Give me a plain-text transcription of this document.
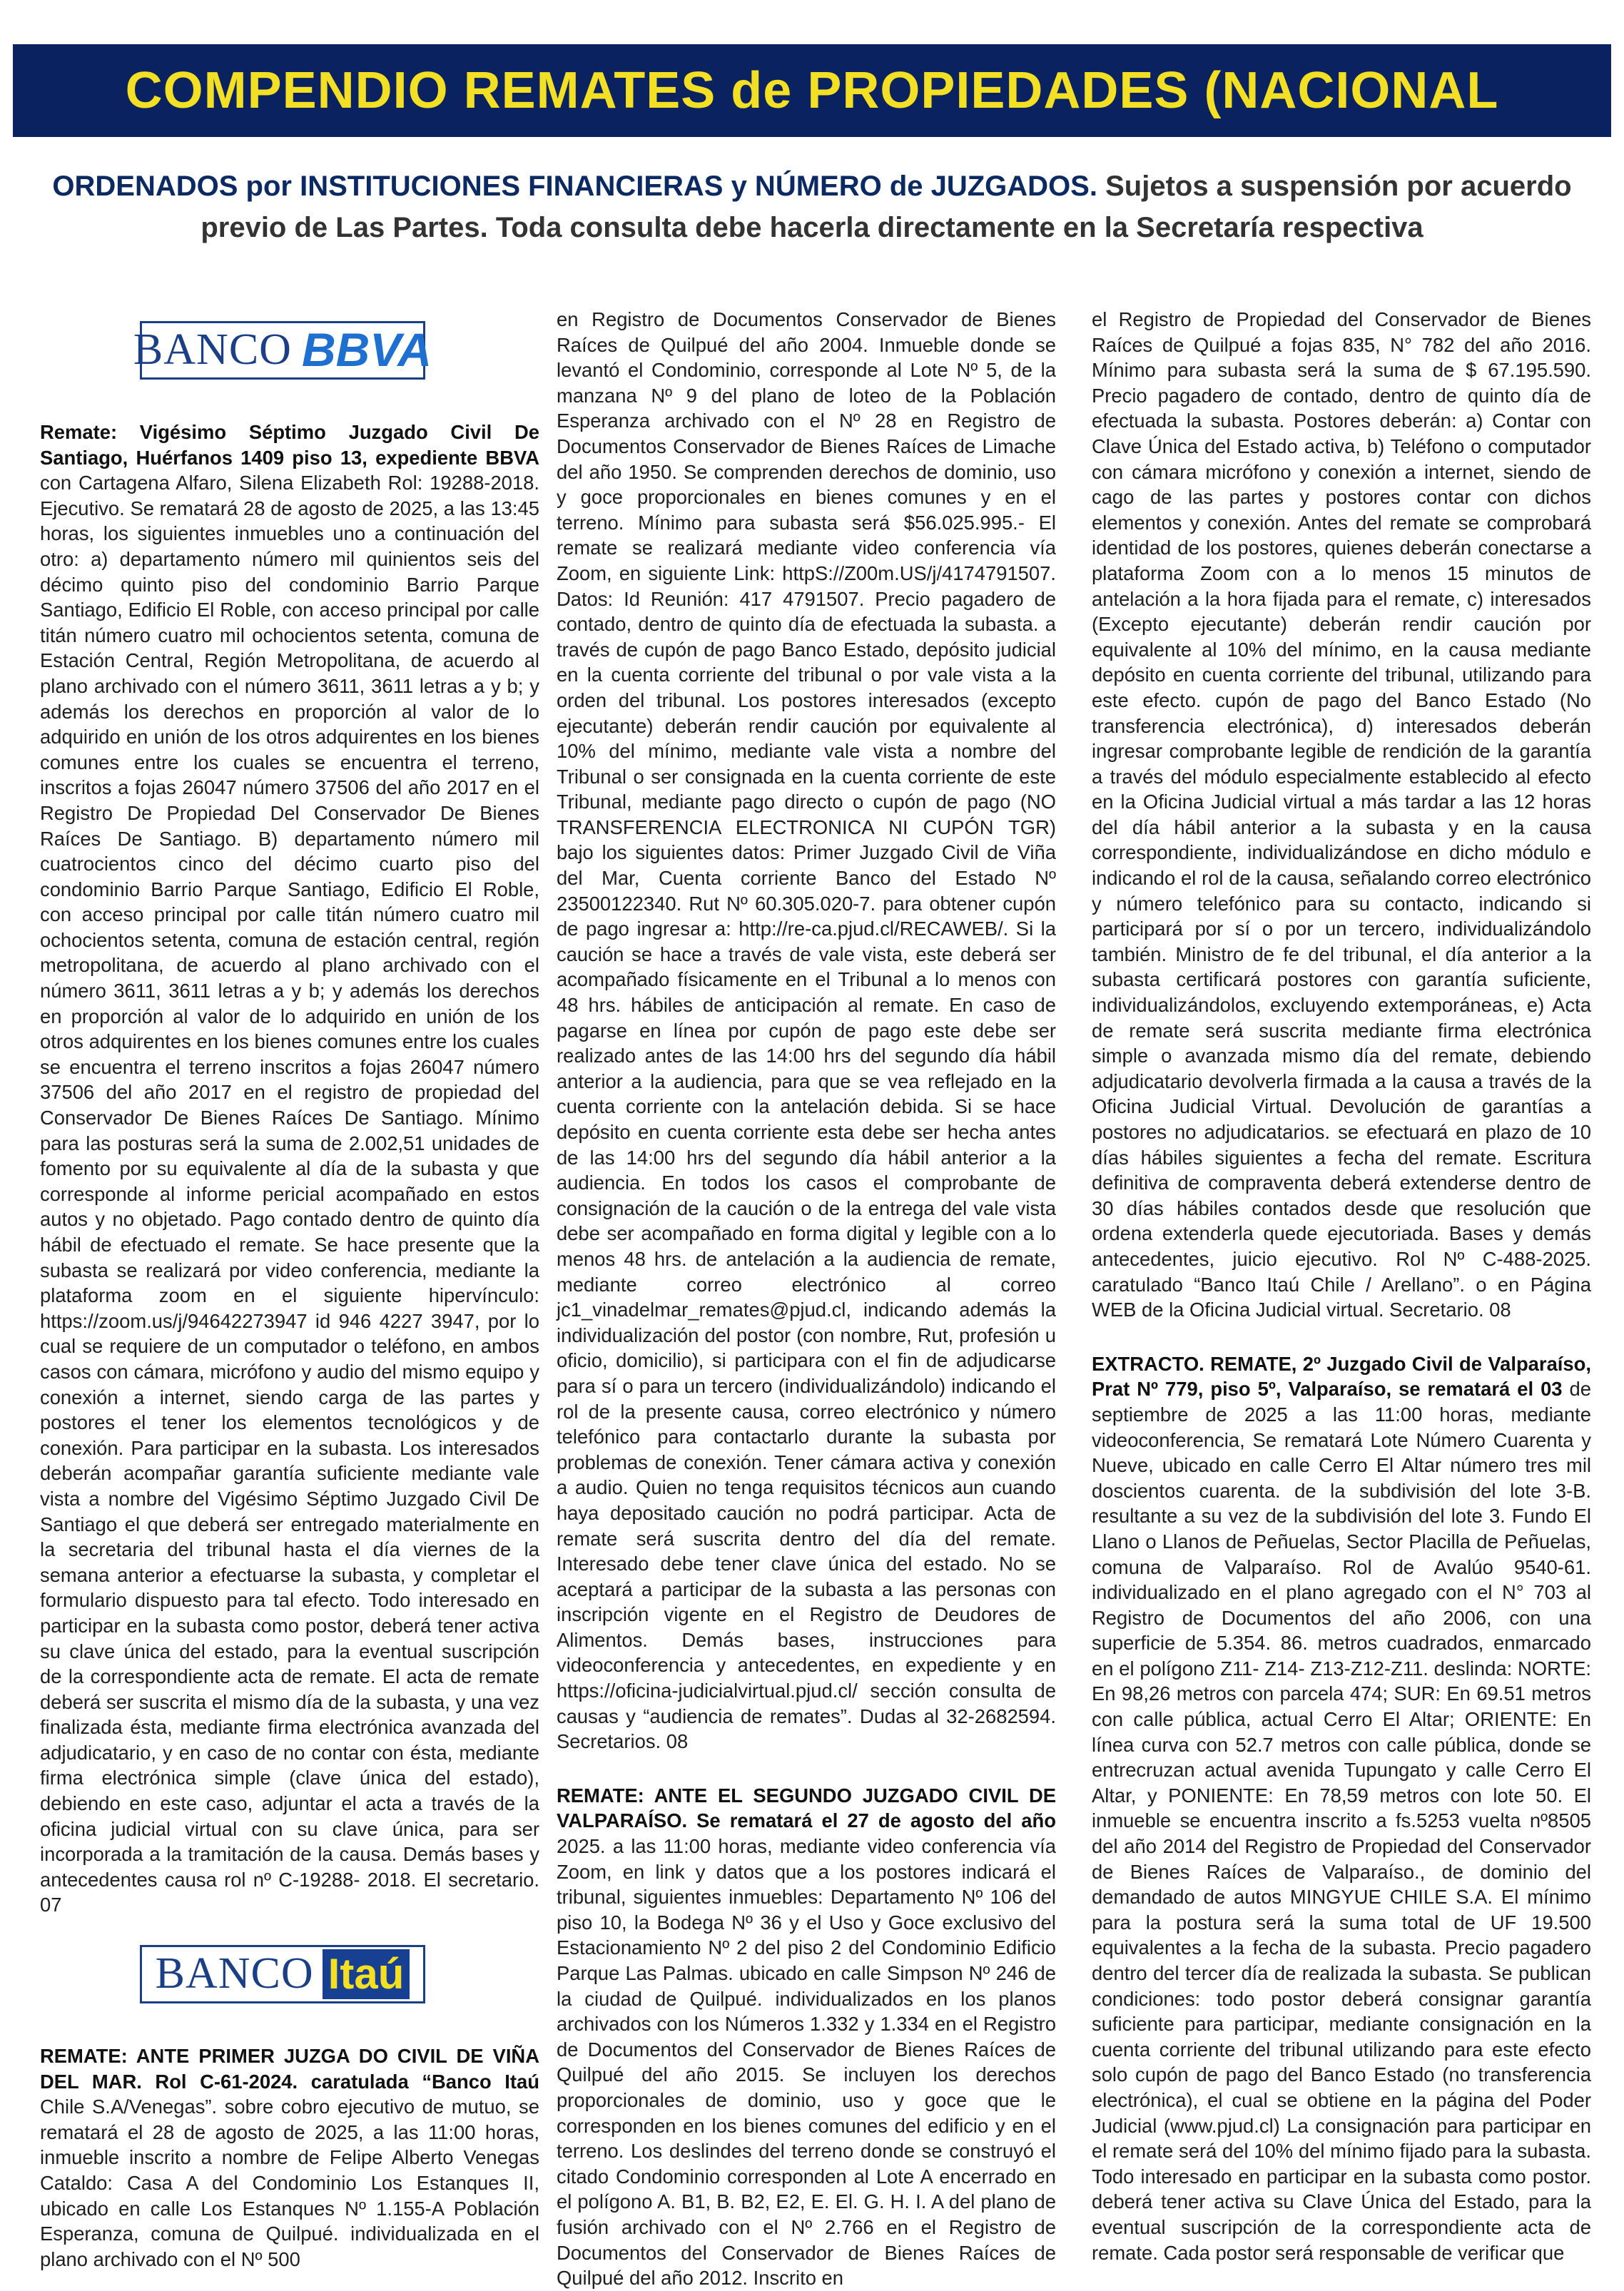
COMPENDIO REMATES de PROPIEDADES (NACIONAL
ORDENADOS por INSTITUCIONES FINANCIERAS y NÚMERO de JUZGADOS. Sujetos a suspensión por acuerdo previo de Las Partes. Toda consulta debe hacerla directamente en la Secretaría respectiva
BANCO BBVA

Remate: Vigésimo Séptimo Juzgado Civil De Santiago, Huérfanos 1409 piso 13, expediente BBVA con Cartagena Alfaro, Silena Elizabeth Rol: 19288-2018. Ejecutivo. Se rematará 28 de agosto de 2025, a las 13:45 horas, los siguientes inmuebles uno a continuación del otro: a) departamento número mil quinientos seis del décimo quinto piso del condominio Barrio Parque Santiago, Edificio El Roble, con acceso principal por calle titán número cuatro mil ochocientos setenta, comuna de Estación Central, Región Metropolitana, de acuerdo al plano archivado con el número 3611, 3611 letras a y b; y además los derechos en proporción al valor de lo adquirido en unión de los otros adquirentes en los bienes comunes entre los cuales se encuentra el terreno, inscritos a fojas 26047 número 37506 del año 2017 en el Registro De Propiedad Del Conservador De Bienes Raíces De Santiago. B) departamento número mil cuatrocientos cinco del décimo cuarto piso del condominio Barrio Parque Santiago, Edificio El Roble, con acceso principal por calle titán número cuatro mil ochocientos setenta, comuna de estación central, región metropolitana, de acuerdo al plano archivado con el número 3611, 3611 letras a y b; y además los derechos en proporción al valor de lo adquirido en unión de los otros adquirentes en los bienes comunes entre los cuales se encuentra el terreno inscritos a fojas 26047 número 37506 del año 2017 en el registro de propiedad del Conservador De Bienes Raíces De Santiago. Mínimo para las posturas será la suma de 2.002,51 unidades de fomento por su equivalente al día de la subasta y que corresponde al informe pericial acompañado en estos autos y no objetado. Pago contado dentro de quinto día hábil de efectuado el remate. Se hace presente que la subasta se realizará por video conferencia, mediante la plataforma zoom en el siguiente hipervínculo: https://zoom.us/j/94642273947 id 946 4227 3947, por lo cual se requiere de un computador o teléfono, en ambos casos con cámara, micrófono y audio del mismo equipo y conexión a internet, siendo carga de las partes y postores el tener los elementos tecnológicos y de conexión. Para participar en la subasta. Los interesados deberán acompañar garantía suficiente mediante vale vista a nombre del Vigésimo Séptimo Juzgado Civil De Santiago el que deberá ser entregado materialmente en la secretaria del tribunal hasta el día viernes de la semana anterior a efectuarse la subasta, y completar el formulario dispuesto para tal efecto. Todo interesado en participar en la subasta como postor, deberá tener activa su clave única del estado, para la eventual suscripción de la correspondiente acta de remate. El acta de remate deberá ser suscrita el mismo día de la subasta, y una vez finalizada ésta, mediante firma electrónica avanzada del adjudicatario, y en caso de no contar con ésta, mediante firma electrónica simple (clave única del estado), debiendo en este caso, adjuntar el acta a través de la oficina judicial virtual con su clave única, para ser incorporada a la tramitación de la causa. Demás bases y antecedentes causa rol nº C-19288- 2018. El secretario. 07

BANCO Itaú

REMATE: ANTE PRIMER JUZGA DO CIVIL DE VIÑA DEL MAR. Rol C-61-2024. caratulada “Banco Itaú Chile S.A/Venegas”. sobre cobro ejecutivo de mutuo, se rematará el 28 de agosto de 2025, a las 11:00 horas, inmueble inscrito a nombre de Felipe Alberto Venegas Cataldo: Casa A del Condominio Los Estanques II, ubicado en calle Los Estanques Nº 1.155-A Población Esperanza, comuna de Quilpué. individualizada en el plano archivado con el Nº 500

en Registro de Documentos Conservador de Bienes Raíces de Quilpué del año 2004. Inmueble donde se levantó el Condominio, corresponde al Lote Nº 5, de la manzana Nº 9 del plano de loteo de la Población Esperanza archivado con el Nº 28 en Registro de Documentos Conservador de Bienes Raíces de Limache del año 1950. Se comprenden derechos de dominio, uso y goce proporcionales en bienes comunes y en el terreno. Mínimo para subasta será $56.025.995.- El remate se realizará mediante video conferencia vía Zoom, en siguiente Link: httpS://Z00m.US/j/4174791507. Datos: Id Reunión: 417 4791507. Precio pagadero de contado, dentro de quinto día de efectuada la subasta. a través de cupón de pago Banco Estado, depósito judicial en la cuenta corriente del tribunal o por vale vista a la orden del tribunal. Los postores interesados (excepto ejecutante) deberán rendir caución por equivalente al 10% del mínimo, mediante vale vista a nombre del Tribunal o ser consignada en la cuenta corriente de este Tribunal, mediante pago directo o cupón de pago (NO TRANSFERENCIA ELECTRONICA NI CUPÓN TGR) bajo los siguientes datos: Primer Juzgado Civil de Viña del Mar, Cuenta corriente Banco del Estado Nº 23500122340. Rut Nº 60.305.020-7. para obtener cupón de pago ingresar a: http://re-ca.pjud.cl/RECAWEB/. Si la caución se hace a través de vale vista, este deberá ser acompañado físicamente en el Tribunal a lo menos con 48 hrs. hábiles de anticipación al remate. En caso de pagarse en línea por cupón de pago este debe ser realizado antes de las 14:00 hrs del segundo día hábil anterior a la audiencia, para que se vea reflejado en la cuenta corriente con la antelación debida. Si se hace depósito en cuenta corriente esta debe ser hecha antes de las 14:00 hrs del segundo día hábil anterior a la audiencia. En todos los casos el comprobante de consignación de la caución o de la entrega del vale vista debe ser acompañado en forma digital y legible con a lo menos 48 hrs. de antelación a la audiencia de remate, mediante correo electrónico al correo jc1_vinadelmar_remates@pjud.cl, indicando además la individualización del postor (con nombre, Rut, profesión u oficio, domicilio), si participara con el fin de adjudicarse para sí o para un tercero (individualizándolo) indicando el rol de la presente causa, correo electrónico y número telefónico para contactarlo durante la subasta por problemas de conexión. Tener cámara activa y conexión a audio. Quien no tenga requisitos técnicos aun cuando haya depositado caución no podrá participar. Acta de remate será suscrita dentro del día del remate. Interesado debe tener clave única del estado. No se aceptará a participar de la subasta a las personas con inscripción vigente en el Registro de Deudores de Alimentos. Demás bases, instrucciones para videoconferencia y antecedentes, en expediente y en https://oficina-judicialvirtual.pjud.cl/ sección consulta de causas y “audiencia de remates”. Dudas al 32-2682594. Secretarios. 08

REMATE: ANTE EL SEGUNDO JUZGADO CIVIL DE VALPARAÍSO. Se rematará el 27 de agosto del año 2025. a las 11:00 horas, mediante video conferencia vía Zoom, en link y datos que a los postores indicará el tribunal, siguientes inmuebles: Departamento Nº 106 del piso 10, la Bodega Nº 36 y el Uso y Goce exclusivo del Estacionamiento Nº 2 del piso 2 del Condominio Edificio Parque Las Palmas. ubicado en calle Simpson Nº 246 de la ciudad de Quilpué. individualizados en los planos archivados con los Números 1.332 y 1.334 en el Registro de Documentos del Conservador de Bienes Raíces de Quilpué del año 2015. Se incluyen los derechos proporcionales de dominio, uso y goce que le corresponden en los bienes comunes del edificio y en el terreno. Los deslindes del terreno donde se construyó el citado Condominio corresponden al Lote A encerrado en el polígono A. B1, B. B2, E2, E. El. G. H. I. A del plano de fusión archivado con el Nº 2.766 en el Registro de Documentos del Conservador de Bienes Raíces de Quilpué del año 2012. Inscrito en

el Registro de Propiedad del Conservador de Bienes Raíces de Quilpué a fojas 835, N° 782 del año 2016. Mínimo para subasta será la suma de $ 67.195.590. Precio pagadero de contado, dentro de quinto día de efectuada la subasta. Postores deberán: a) Contar con Clave Única del Estado activa, b) Teléfono o computador con cámara micrófono y conexión a internet, siendo de cago de las partes y postores contar con dichos elementos y conexión. Antes del remate se comprobará identidad de los postores, quienes deberán conectarse a plataforma Zoom con a lo menos 15 minutos de antelación a la hora fijada para el remate, c) interesados (Excepto ejecutante) deberán rendir caución por equivalente al 10% del mínimo, en la causa mediante depósito en cuenta corriente del tribunal, utilizando para este efecto. cupón de pago del Banco Estado (No transferencia electrónica), d) interesados deberán ingresar comprobante legible de rendición de la garantía a través del módulo especialmente establecido al efecto en la Oficina Judicial virtual a más tardar a las 12 horas del día hábil anterior a la subasta y en la causa correspondiente, individualizándose en dicho módulo e indicando el rol de la causa, señalando correo electrónico y número telefónico para su contacto, indicando si participará por sí o por un tercero, individualizándolo también. Ministro de fe del tribunal, el día anterior a la subasta certificará postores con garantía suficiente, individualizándolos, excluyendo extemporáneas, e) Acta de remate será suscrita mediante firma electrónica simple o avanzada mismo día del remate, debiendo adjudicatario devolverla firmada a la causa a través de la Oficina Judicial Virtual. Devolución de garantías a postores no adjudicatarios. se efectuará en plazo de 10 días hábiles siguientes a fecha del remate. Escritura definitiva de compraventa deberá extenderse dentro de 30 días hábiles contados desde que resolución que ordena extenderla quede ejecutoriada. Bases y demás antecedentes, juicio ejecutivo. Rol Nº C-488-2025. caratulado “Banco Itaú Chile / Arellano”. o en Página WEB de la Oficina Judicial virtual. Secretario. 08

EXTRACTO. REMATE, 2º Juzgado Civil de Valparaíso, Prat Nº 779, piso 5º, Valparaíso, se rematará el 03 de septiembre de 2025 a las 11:00 horas, mediante videoconferencia, Se rematará Lote Número Cuarenta y Nueve, ubicado en calle Cerro El Altar número tres mil doscientos cuarenta. de la subdivisión del lote 3-B. resultante a su vez de la subdivisión del lote 3. Fundo El Llano o Llanos de Peñuelas, Sector Placilla de Peñuelas, comuna de Valparaíso. Rol de Avalúo 9540-61. individualizado en el plano agregado con el N° 703 al Registro de Documentos del año 2006, con una superficie de 5.354. 86. metros cuadrados, enmarcado en el polígono Z11- Z14- Z13-Z12-Z11. deslinda: NORTE: En 98,26 metros con parcela 474; SUR: En 69.51 metros con calle pública, actual Cerro El Altar; ORIENTE: En línea curva con 52.7 metros con calle pública, donde se entrecruzan actual avenida Tupungato y calle Cerro El Altar, y PONIENTE: En 78,59 metros con lote 50. El inmueble se encuentra inscrito a fs.5253 vuelta nº8505 del año 2014 del Registro de Propiedad del Conservador de Bienes Raíces de Valparaíso., de dominio del demandado de autos MINGYUE CHILE S.A. El mínimo para la postura será la suma total de UF 19.500 equivalentes a la fecha de la subasta. Precio pagadero dentro del tercer día de realizada la subasta. Se publican condiciones: todo postor deberá consignar garantía suficiente para participar, mediante consignación en la cuenta corriente del tribunal utilizando para este efecto solo cupón de pago del Banco Estado (no transferencia electrónica), el cual se obtiene en la página del Poder Judicial (www.pjud.cl) La consignación para participar en el remate será del 10% del mínimo fijado para la subasta. Todo interesado en participar en la subasta como postor. deberá tener activa su Clave Única del Estado, para la eventual suscripción de la correspondiente acta de remate. Cada postor será responsable de verificar que
